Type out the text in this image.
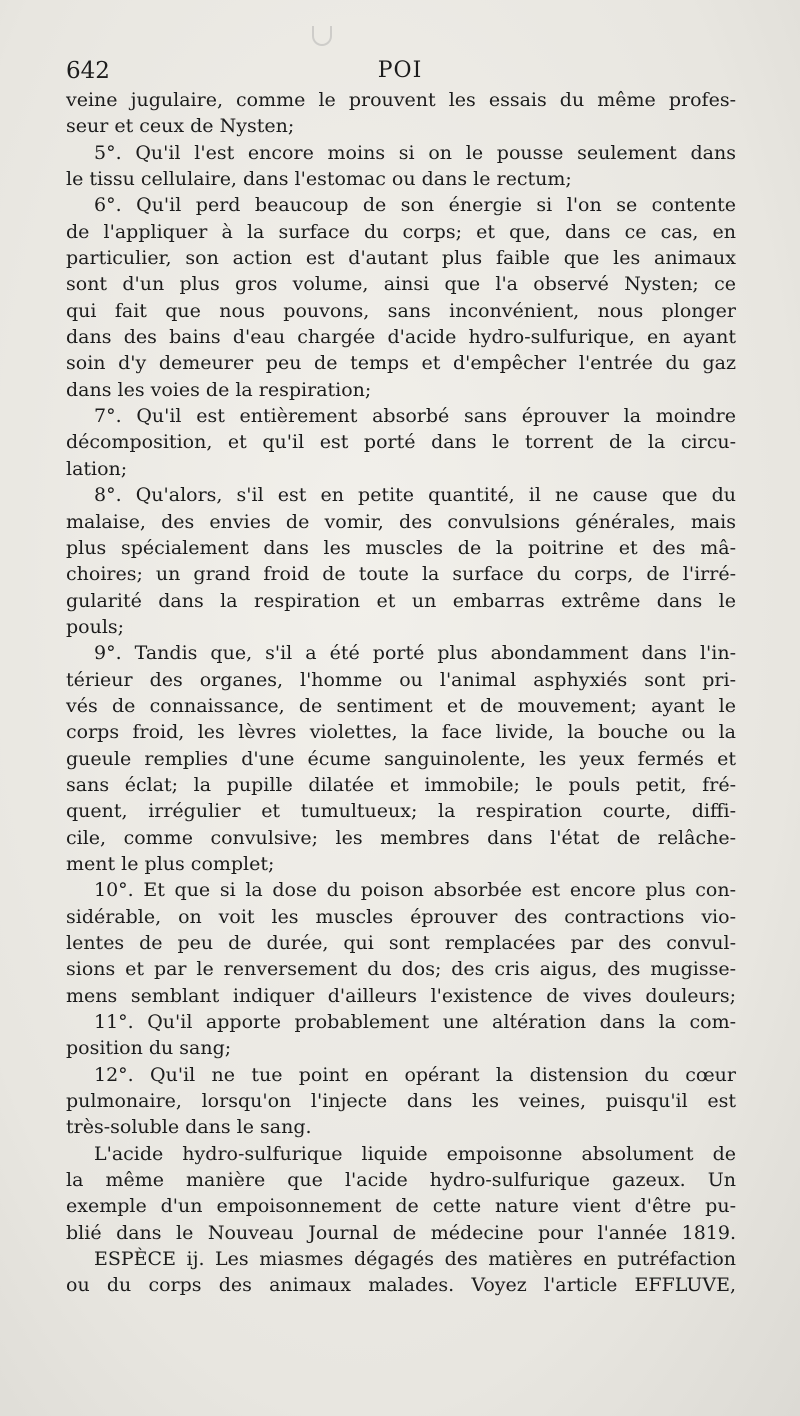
642	POI
veine jugulaire, comme le prouvent les essais du même profes-
seur et ceux de Nysten;
5°. Qu'il l'est encore moins si on le pousse seulement dans
le tissu cellulaire, dans l'estomac ou dans le rectum;
6°. Qu'il perd beaucoup de son énergie si l'on se contente
de l'appliquer à la surface du corps; et que, dans ce cas, en
particulier, son action est d'autant plus faible que les animaux
sont d'un plus gros volume, ainsi que l'a observé Nysten; ce
qui fait que nous pouvons, sans inconvénient, nous plonger
dans des bains d'eau chargée d'acide hydro-sulfurique, en ayant
soin d'y demeurer peu de temps et d'empêcher l'entrée du gaz
dans les voies de la respiration;
7°. Qu'il est entièrement absorbé sans éprouver la moindre
décomposition, et qu'il est porté dans le torrent de la circu-
lation;
8°. Qu'alors, s'il est en petite quantité, il ne cause que du
malaise, des envies de vomir, des convulsions générales, mais
plus spécialement dans les muscles de la poitrine et des mâ-
choires; un grand froid de toute la surface du corps, de l'irré-
gularité dans la respiration et un embarras extrême dans le
pouls;
9°. Tandis que, s'il a été porté plus abondamment dans l'in-
térieur des organes, l'homme ou l'animal asphyxiés sont pri-
vés de connaissance, de sentiment et de mouvement; ayant le
corps froid, les lèvres violettes, la face livide, la bouche ou la
gueule remplies d'une écume sanguinolente, les yeux fermés et
sans éclat; la pupille dilatée et immobile; le pouls petit, fré-
quent, irrégulier et tumultueux; la respiration courte, diffi-
cile, comme convulsive; les membres dans l'état de relâche-
ment le plus complet;
10°. Et que si la dose du poison absorbée est encore plus con-
sidérable, on voit les muscles éprouver des contractions vio-
lentes de peu de durée, qui sont remplacées par des convul-
sions et par le renversement du dos; des cris aigus, des mugisse-
mens semblant indiquer d'ailleurs l'existence de vives douleurs;
11°. Qu'il apporte probablement une altération dans la com-
position du sang;
12°. Qu'il ne tue point en opérant la distension du cœur
pulmonaire, lorsqu'on l'injecte dans les veines, puisqu'il est
très-soluble dans le sang.
L'acide hydro-sulfurique liquide empoisonne absolument de
la même manière que l'acide hydro-sulfurique gazeux. Un
exemple d'un empoisonnement de cette nature vient d'être pu-
blié dans le Nouveau Journal de médecine pour l'année 1819.
ESPÈCE ij. Les miasmes dégagés des matières en putréfaction
ou du corps des animaux malades. Voyez l'article EFFLUVE,
